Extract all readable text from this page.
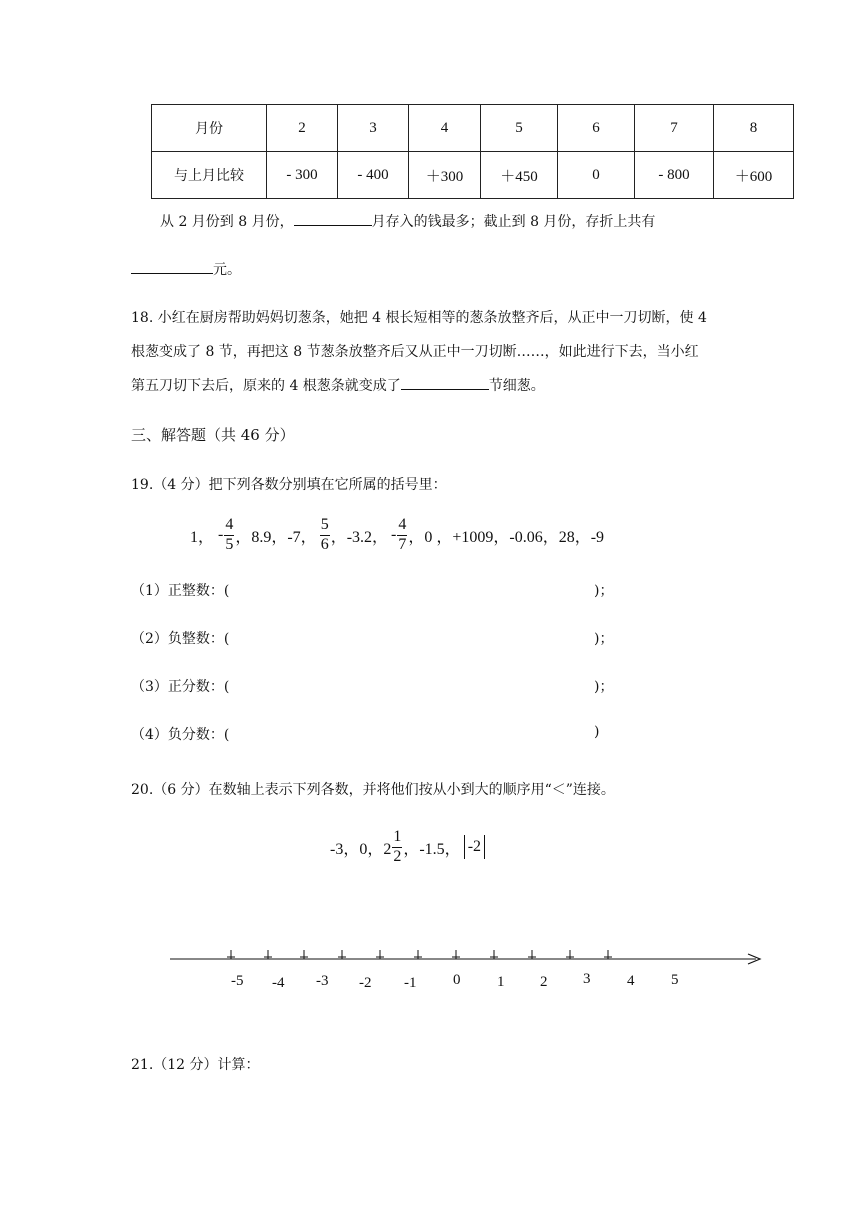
月份	2	3	4	5	6	7	8
与上月比较	- 300	- 400	＋300	＋450	0	- 800	＋600
从 2 月份到 8 月份，	月存入的钱最多；截止到 8 月份，存折上共有
元。
18. 小红在厨房帮助妈妈切葱条，她把 4 根长短相等的葱条放整齐后，从正中一刀切断，使 4
根葱变成了 8 节，再把这 8 节葱条放整齐后又从正中一刀切断……，如此进行下去，当小红
第五刀切下去后，原来的 4 根葱条就变成了	节细葱。
三、解答题（共 46 分）
19.（4 分）把下列各数分别填在它所属的括号里：
1， - $\frac{4}{5}$ ，8.9，-7， $\frac{5}{6}$ ，-3.2， - $\frac{4}{7}$ ，0 ，+1009，-0.06，28，-9
（1）正整数：(	)；
（2）负整数：(	)；
（3）正分数：(	)；
（4）负分数：(	)
20.（6 分）在数轴上表示下列各数，并将他们按从小到大的顺序用“＜”连接。
-3，0，$2 \frac{1}{2}$ ，-1.5， -2
-5 -4 -3 -2 -1 0 1 2 3 4 5
21.（12 分）计算：
